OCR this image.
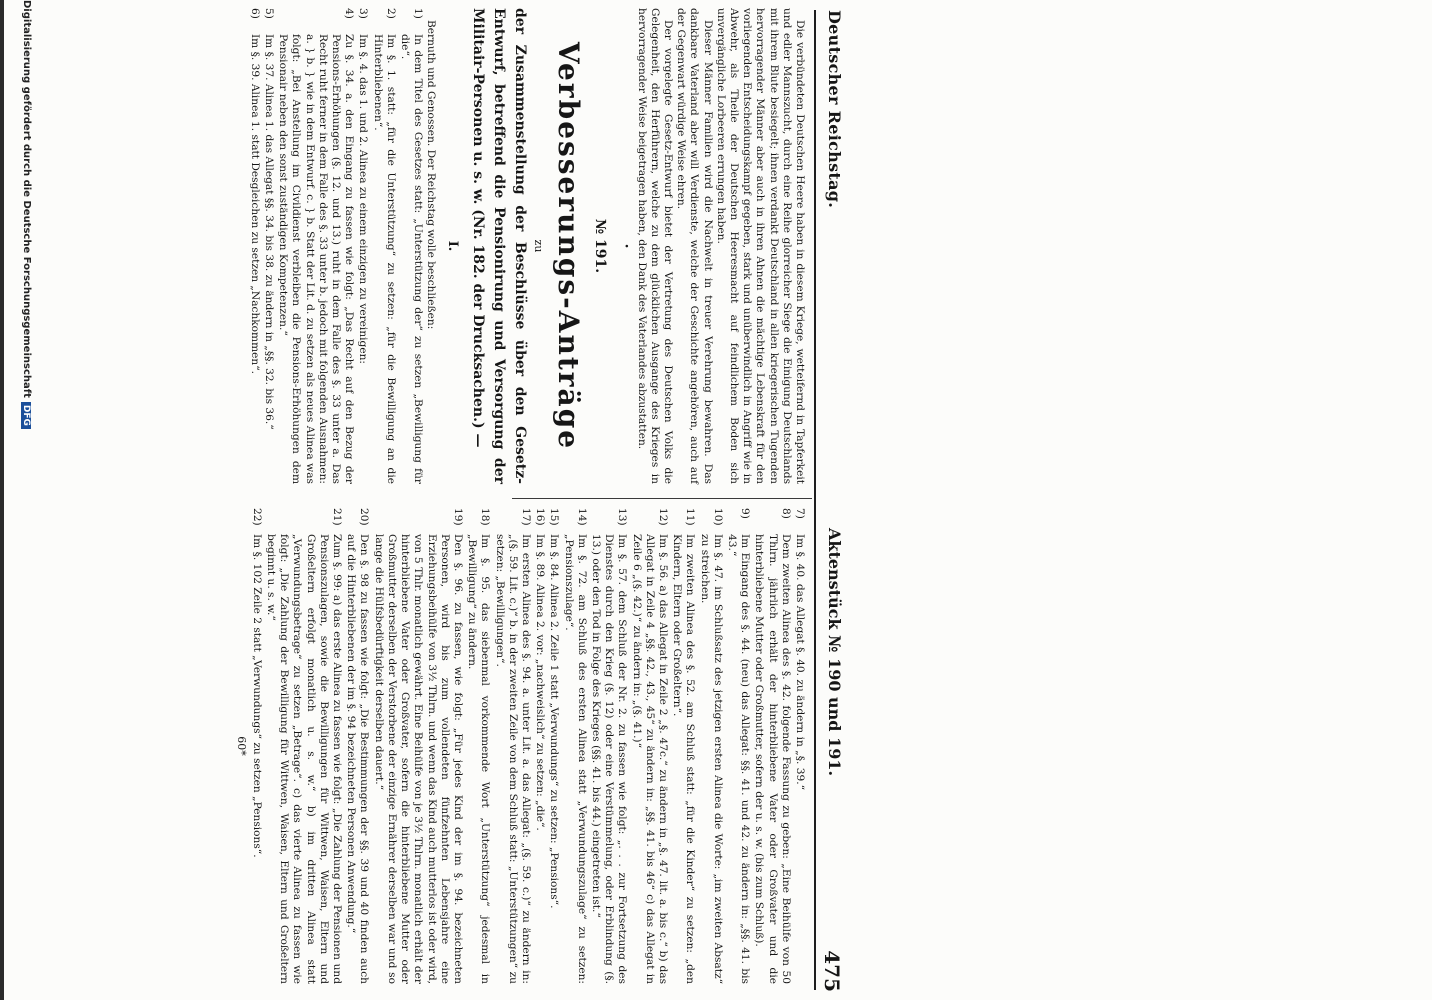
Deutscher Reichstag.
Aktenstück № 190 und 191.
475

Die verbündeten Deutschen Heere haben in diesem Kriege, wetteifernd in Tapferkeit und edler Mannszucht, durch eine Reihe glorreicher Siege die Einigung Deutschlands mit ihrem Blute besiegelt; ihnen verdankt Deutschland in allen kriegerischen Tugenden hervorragender Männer aber auch in ihren Ahnen die mächtige Lebenskraft für den vorliegenden Entscheidungskampf gegeben, stark und unüberwindlich in Angriff wie in Abwehr, als Theile der Deutschen Heeresmacht auf feindlichem Boden sich unvergängliche Lorbeeren errungen haben.

Dieser Männer Familien wird die Nachwelt in treuer Verehrung bewahren. Das dankbare Vaterland aber will Verdienste, welche der Geschichte angehören, auch auf der Gegenwart würdige Weise ehren.

Der vorgelegte Gesetz-Entwurf bietet der Vertretung des Deutschen Volks die Gelegenheit, den Herführern, welche zu dem glücklichen Ausgange des Krieges in hervorragender Weise beigetragen haben, den Dank des Vaterlandes abzustatten.

·
№ 191.
Verbesserungs-Anträge
zu

der Zusammenstellung der Beschlüsse über den Gesetz-Entwurf, betreffend die Pensionirung und Versorgung der Militair-Personen u. s. w. (Nr. 182. der Drucksachen.) —

I.

Bernuth und Genossen. Der Reichstag wolle beschließen:

1)
In dem Titel des Gesetzes statt: „Unterstützung der“ zu setzen „Bewilligung für die“.
2)
Im §. 1. statt: „für die Unterstützung“ zu setzen: „für die Bewilligung an die Hinterbliebenen“.
3)
Im §. 4. das 1. und 2. Alinea zu einem einzigen zu vereinigen:
4)
Zu §. 34. a. den Eingang zu fassen wie folgt: „Das Recht auf den Bezug der Pensions-Erhöhungen (§. 12. und 13.) ruht in dem Falle des §. 33 unter a. Das Recht ruht ferner in dem Falle des §. 33 unter b. jedoch mit folgenden Ausnahmen: a. } b. } wie in dem Entwurf. c. } b. Statt der Lit. d. zu setzen als neues Alinea was folgt: „Bei Anstellung im Civildienst verbleiben die Pensions-Erhöhungen dem Pensionair neben den sonst zuständigen Kompetenzen.“
5)
Im §. 37. Alinea 1. das Allegat §§. 34. bis 38. zu ändern in „§§. 32. bis 36.“
6)
Im §. 39. Alinea 1. statt Desgleichen zu setzen „Nachkommen“.
7)
Im §. 40. das Allegat §. 40. zu ändern in „§. 39.“
8)
Dem zweiten Alinea des §. 42. folgende Fassung zu geben: „Eine Beihülfe von 50 Thlrn. jährlich erhält der hinterbliebene Vater oder Großvater und die hinterbliebene Mutter oder Großmutter, sofern der u. s. w. (bis zum Schluß).
9)
Im Eingang des §. 44. (neu) das Allegat: §§. 41. und 42. zu ändern in: „§§. 41. bis 43.“
10)
Im §. 47. im Schlußsatz des jetzigen ersten Alinea die Worte: „im zweiten Absatz“ zu streichen.
11)
Im zweiten Alinea des §. 52. am Schluß statt: „für die Kinder“ zu setzen: „den Kindern, Eltern oder Großeltern“.
12)
Im §. 56. a) das Allegat in Zeile 2 „§. 47c.“ zu ändern in „§. 47. lit. a. bis c.“ b) das Allegat in Zeile 4 „§§. 42., 43., 45“ zu ändern in: „§§. 41. bis 46“ c) das Allegat in Zeile 6 „(§. 42.)“ zu ändern in: „(§. 41.)“
13)
Im §. 57. dem Schluß der Nr. 2. zu fassen wie folgt: „. . . zur Fortsetzung des Dienstes durch den Krieg (§. 12) oder eine Verstümmelung, oder Erblindung (§. 13.) oder den Tod in Folge des Krieges (§§. 41. bis 44.) eingetreten ist.“
14)
Im §. 72. am Schluß des ersten Alinea statt „Verwundungszulage“ zu setzen: „Pensionszulage“.
15)
Im §. 84. Alinea 2. Zeile 1 statt „Verwundungs“ zu setzen: „Pensions“.
16)
Im §. 89. Alinea 2. vor: „nachweislich“ zu setzen: „die“.
17)
Im ersten Alinea des §. 94. a. unter Lit. a. das Allegat: „(§. 59. c.)“ zu ändern in: „(§. 59. Lit. c.)“ b. in der zweiten Zeile von dem Schluß statt: „Unterstützungen“ zu setzen: „Bewilligungen“.
18)
Im §. 95. das siebenmal vorkommende Wort „Unterstützung“ jedesmal in „Bewilligung“ zu ändern.
19)
Den §. 96. zu fassen, wie folgt: „Für jedes Kind der im §. 94. bezeichneten Personen, wird bis zum vollendeten fünfzehnten Lebensjahre eine Erziehungsbeihülfe von 3½ Thlrn. und wenn das Kind auch mutterlos ist oder wird, von 5 Thlr. monatlich gewährt. Eine Beihülfe von je 3½ Thlrn. monatlich erhält der hinterbliebene Vater oder Großvater, sofern die hinterbliebene Mutter oder Großmutter derselben der Verstorbene der einzige Ernährer derselben war und so lange die Hülfsbedürftigkeit derselben dauert.“
20)
Den §. 98 zu fassen wie folgt: „Die Bestimmungen der §§. 39 und 40 finden auch auf die Hinterbliebenen der im §. 94 bezeichneten Personen Anwendung.“
21)
Zum §. 99: a) das erste Alinea zu fassen wie folgt: „Die Zahlung der Pensionen und Pensionszulagen, sowie die Bewilligungen für Wittwen, Waisen, Eltern und Großeltern erfolgt monatlich u. s. w.“ b) im dritten Alinea statt „Verwundungsbetrage“ zu setzen „Betrage“. c) das vierte Alinea zu fassen wie folgt: „Die Zahlung der Bewilligung für Wittwen, Waisen, Eltern und Großeltern beginnt u. s. w.“
22)
Im §. 102 Zeile 2 statt „Verwundungs“ zu setzen „Pensions“.
60*
Digitalisierung gefördert durch die Deutsche ForschungsgemeinschaftDFG
